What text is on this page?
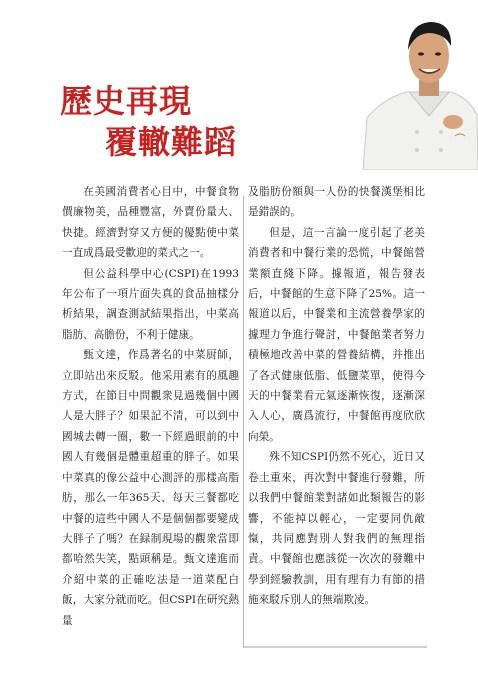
歷史再現
覆轍難蹈

在美國消費者心目中，中餐食物價廉物美，品種豐富，外賣份量大、快捷。經濟對穿又方便的優點使中菜一直成爲最受歡迎的菜式之一。

但公益科學中心(CSPI)在1993年公布了一項片面失真的食品抽樣分析結果，調查測試結果指出，中菜高脂肪、高膽份，不利于健康。

甄文達，作爲著名的中菜厨師，立即站出來反駁。他采用素有的風趣方式，在節目中問觀衆見過幾個中國人是大胖子？如果記不清，可以到中國城去轉一圈，數一下經過眼前的中國人有幾個是體重超重的胖子。如果中菜真的像公益中心測評的那樣高脂肪，那么一年365天、每天三餐都吃中餐的這些中國人不是個個都要變成大胖子了嗎？在録制現場的觀衆當即都哈然失笑，點頭稱是。甄文達進而介紹中菜的正確吃法是一道菜配白飯，大家分就而吃。但CSPI在研究熱量

及脂肪份額與一人份的快餐漢堡相比是錯誤的。

但是，這一言論一度引起了老美消費者和中餐行業的恐慌，中餐館營業額直綫下降。據報道，報告發表后，中餐館的生意下降了25%。這一報道以后，中餐業和主流營養學家的據理力争進行聲討，中餐館業者努力積極地改善中菜的營養結構，并推出了各式健康低脂、低鹽菜單，使得今天的中餐業看元氣逐漸恢復，逐漸深入人心，廣爲流行，中餐館再度欣欣向榮。

殊不知CSPI仍然不死心，近日又卷土重來，再次對中餐進行發難，所以我們中餐館業對諸如此類報告的影響，不能掉以輕心，一定要同仇敵愾，共同應對別人對我們的無理指責。中餐館也應該從一次次的發難中學到經驗教訓，用有理有力有節的措施來駁斥別人的無端欺凌。
